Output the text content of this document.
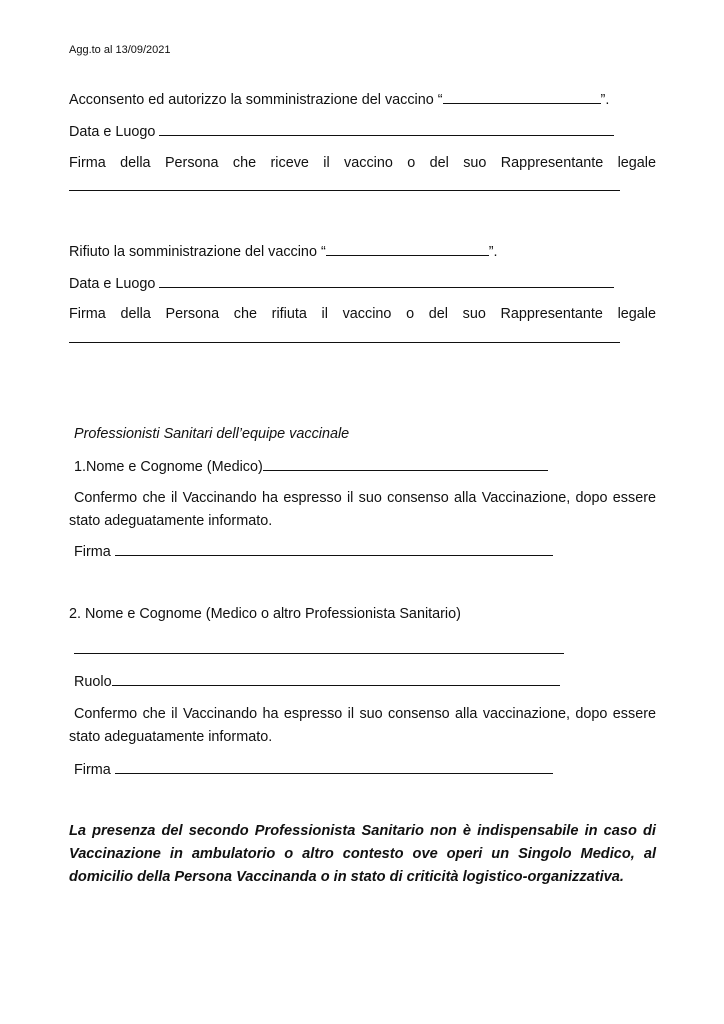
Agg.to al 13/09/2021
Acconsento ed autorizzo la somministrazione del vaccino “	”.
Data e Luogo
Firma della Persona che riceve il vaccino o del suo Rappresentante legale
Rifiuto la somministrazione del vaccino “	”.
Data e Luogo
Firma della Persona che rifiuta il vaccino o del suo Rappresentante legale
Professionisti Sanitari dell’equipe vaccinale
1.Nome e Cognome (Medico)
Confermo che il Vaccinando ha espresso il suo consenso alla Vaccinazione, dopo essere stato adeguatamente informato.
Firma
2. Nome e Cognome (Medico o altro Professionista Sanitario)
Ruolo
Confermo che il Vaccinando ha espresso il suo consenso alla vaccinazione, dopo essere stato adeguatamente informato.
Firma
La presenza del secondo Professionista Sanitario non è indispensabile in caso di Vaccinazione in ambulatorio o altro contesto ove operi un Singolo Medico, al domicilio della Persona Vaccinanda o in stato di criticità logistico-organizzativa.
